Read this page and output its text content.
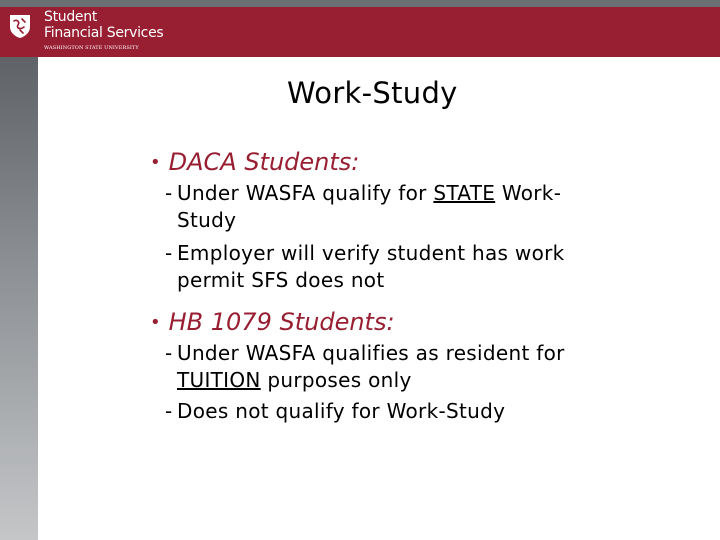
Student
Financial Services
WASHINGTON STATE UNIVERSITY
Work-Study
• DACA Students:
- Under WASFA qualify for STATE Work-
Study
- Employer will verify student has work
permit SFS does not
• HB 1079 Students:
- Under WASFA qualifies as resident for
TUITION purposes only
- Does not qualify for Work-Study
